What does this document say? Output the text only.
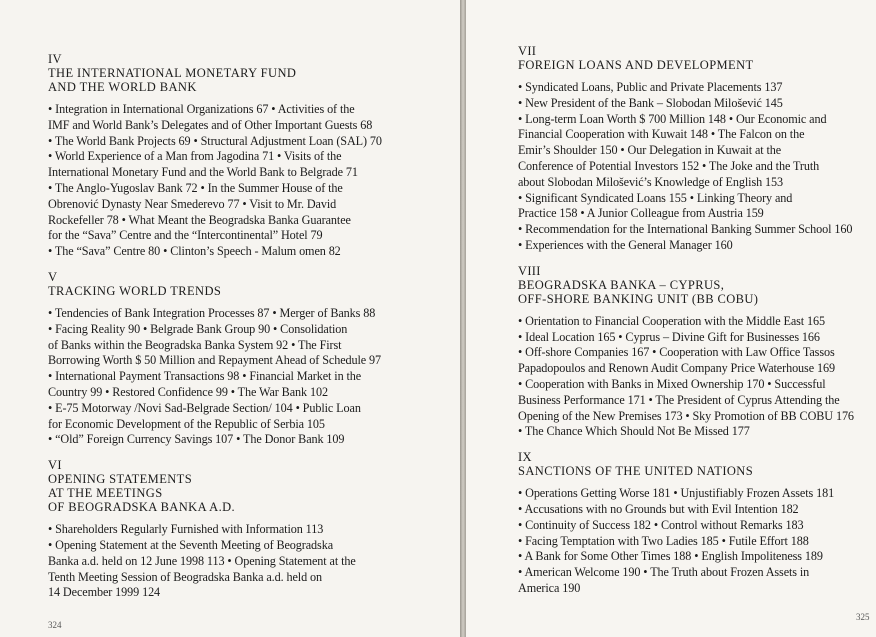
IV
THE INTERNATIONAL MONETARY FUND
AND THE WORLD BANK
• Integration in International Organizations 67 • Activities of the
IMF and World Bank’s Delegates and of Other Important Guests 68
• The World Bank Projects 69 • Structural Adjustment Loan (SAL) 70
• World Experience of a Man from Jagodina 71 • Visits of the
International Monetary Fund and the World Bank to Belgrade 71
• The Anglo-Yugoslav Bank 72 • In the Summer House of the
Obrenović Dynasty Near Smederevo 77 • Visit to Mr. David
Rockefeller 78 • What Meant the Beogradska Banka Guarantee
for the “Sava” Centre and the “Intercontinental” Hotel 79
• The “Sava” Centre 80 • Clinton’s Speech - Malum omen 82
V
TRACKING WORLD TRENDS
• Tendencies of Bank Integration Processes 87 • Merger of Banks 88
• Facing Reality 90 • Belgrade Bank Group 90 • Consolidation
of Banks within the Beogradska Banka System 92 • The First
Borrowing Worth $ 50 Million and Repayment Ahead of Schedule 97
• International Payment Transactions 98 • Financial Market in the
Country 99 • Restored Confidence 99 • The War Bank 102
• E-75 Motorway /Novi Sad-Belgrade Section/ 104 • Public Loan
for Economic Development of the Republic of Serbia 105
• “Old” Foreign Currency Savings 107 • The Donor Bank 109
VI
OPENING STATEMENTS
AT THE MEETINGS
OF BEOGRADSKA BANKA A.D.
• Shareholders Regularly Furnished with Information 113
• Opening Statement at the Seventh Meeting of Beogradska
Banka a.d. held on 12 June 1998 113 • Opening Statement at the
Tenth Meeting Session of Beogradska Banka a.d. held on
14 December 1999 124
VII
FOREIGN LOANS AND DEVELOPMENT
• Syndicated Loans, Public and Private Placements 137
• New President of the Bank – Slobodan Milošević 145
• Long-term Loan Worth $ 700 Million 148 • Our Economic and
Financial Cooperation with Kuwait 148 • The Falcon on the
Emir’s Shoulder 150 • Our Delegation in Kuwait at the
Conference of Potential Investors 152 • The Joke and the Truth
about Slobodan Milošević’s Knowledge of English 153
• Significant Syndicated Loans 155 • Linking Theory and
Practice 158 • A Junior Colleague from Austria 159
• Recommendation for the International Banking Summer School 160
• Experiences with the General Manager 160
VIII
BEOGRADSKA BANKA – CYPRUS,
OFF-SHORE BANKING UNIT (BB COBU)
• Orientation to Financial Cooperation with the Middle East 165
• Ideal Location 165 • Cyprus – Divine Gift for Businesses 166
• Off-shore Companies 167 • Cooperation with Law Office Tassos
Papadopoulos and Renown Audit Company Price Waterhouse 169
• Cooperation with Banks in Mixed Ownership 170 • Successful
Business Performance 171 • The President of Cyprus Attending the
Opening of the New Premises 173 • Sky Promotion of BB COBU 176
• The Chance Which Should Not Be Missed 177
IX
SANCTIONS OF THE UNITED NATIONS
• Operations Getting Worse 181 • Unjustifiably Frozen Assets 181
• Accusations with no Grounds but with Evil Intention 182
• Continuity of Success 182 • Control without Remarks 183
• Facing Temptation with Two Ladies 185 • Futile Effort 188
• A Bank for Some Other Times 188 • English Impoliteness 189
• American Welcome 190 • The Truth about Frozen Assets in
America 190
324
325
